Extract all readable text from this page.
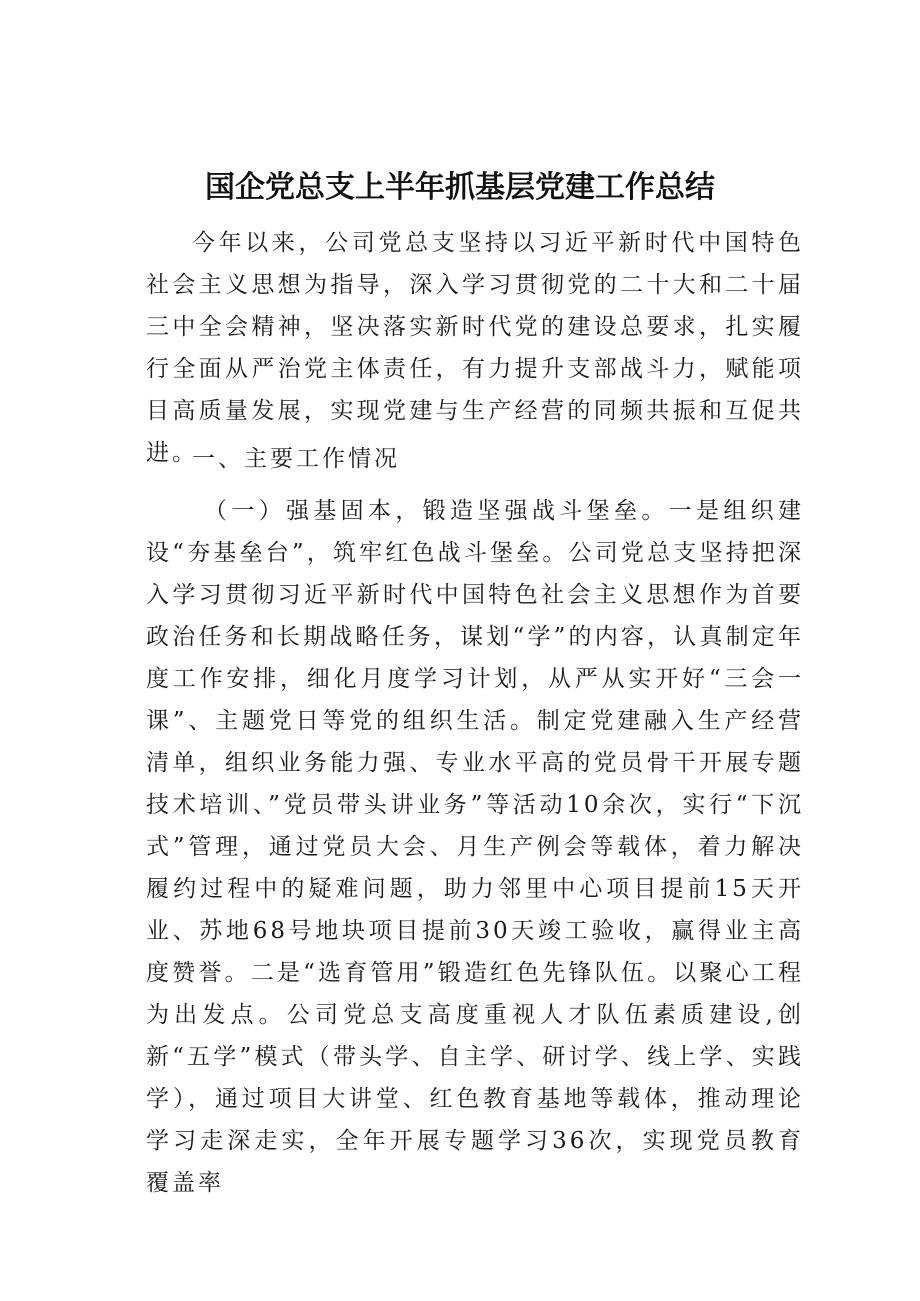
国企党总支上半年抓基层党建工作总结

今年以来，公司党总支坚持以习近平新时代中国特色社会主义思想为指导，深入学习贯彻党的二十大和二十届三中全会精神，坚决落实新时代党的建设总要求，扎实履行全面从严治党主体责任，有力提升支部战斗力，赋能项目高质量发展，实现党建与生产经营的同频共振和互促共进。

一、主要工作情况

（一）强基固本，锻造坚强战斗堡垒。一是组织建设“夯基垒台”，筑牢红色战斗堡垒。公司党总支坚持把深入学习贯彻习近平新时代中国特色社会主义思想作为首要政治任务和长期战略任务，谋划“学”的内容，认真制定年度工作安排，细化月度学习计划，从严从实开好“三会一课”、主题党日等党的组织生活。制定党建融入生产经营清单，组织业务能力强、专业水平高的党员骨干开展专题技术培训、”党员带头讲业务”等活动10余次，实行“下沉式”管理，通过党员大会、月生产例会等载体，着力解决履约过程中的疑难问题，助力邻里中心项目提前15天开业、苏地68号地块项目提前30天竣工验收，赢得业主高度赞誉。二是“选育管用”锻造红色先锋队伍。以聚心工程为出发点。公司党总支高度重视人才队伍素质建设,创新“五学”模式（带头学、自主学、研讨学、线上学、实践学），通过项目大讲堂、红色教育基地等载体，推动理论学习走深走实，全年开展专题学习36次，实现党员教育覆盖率
